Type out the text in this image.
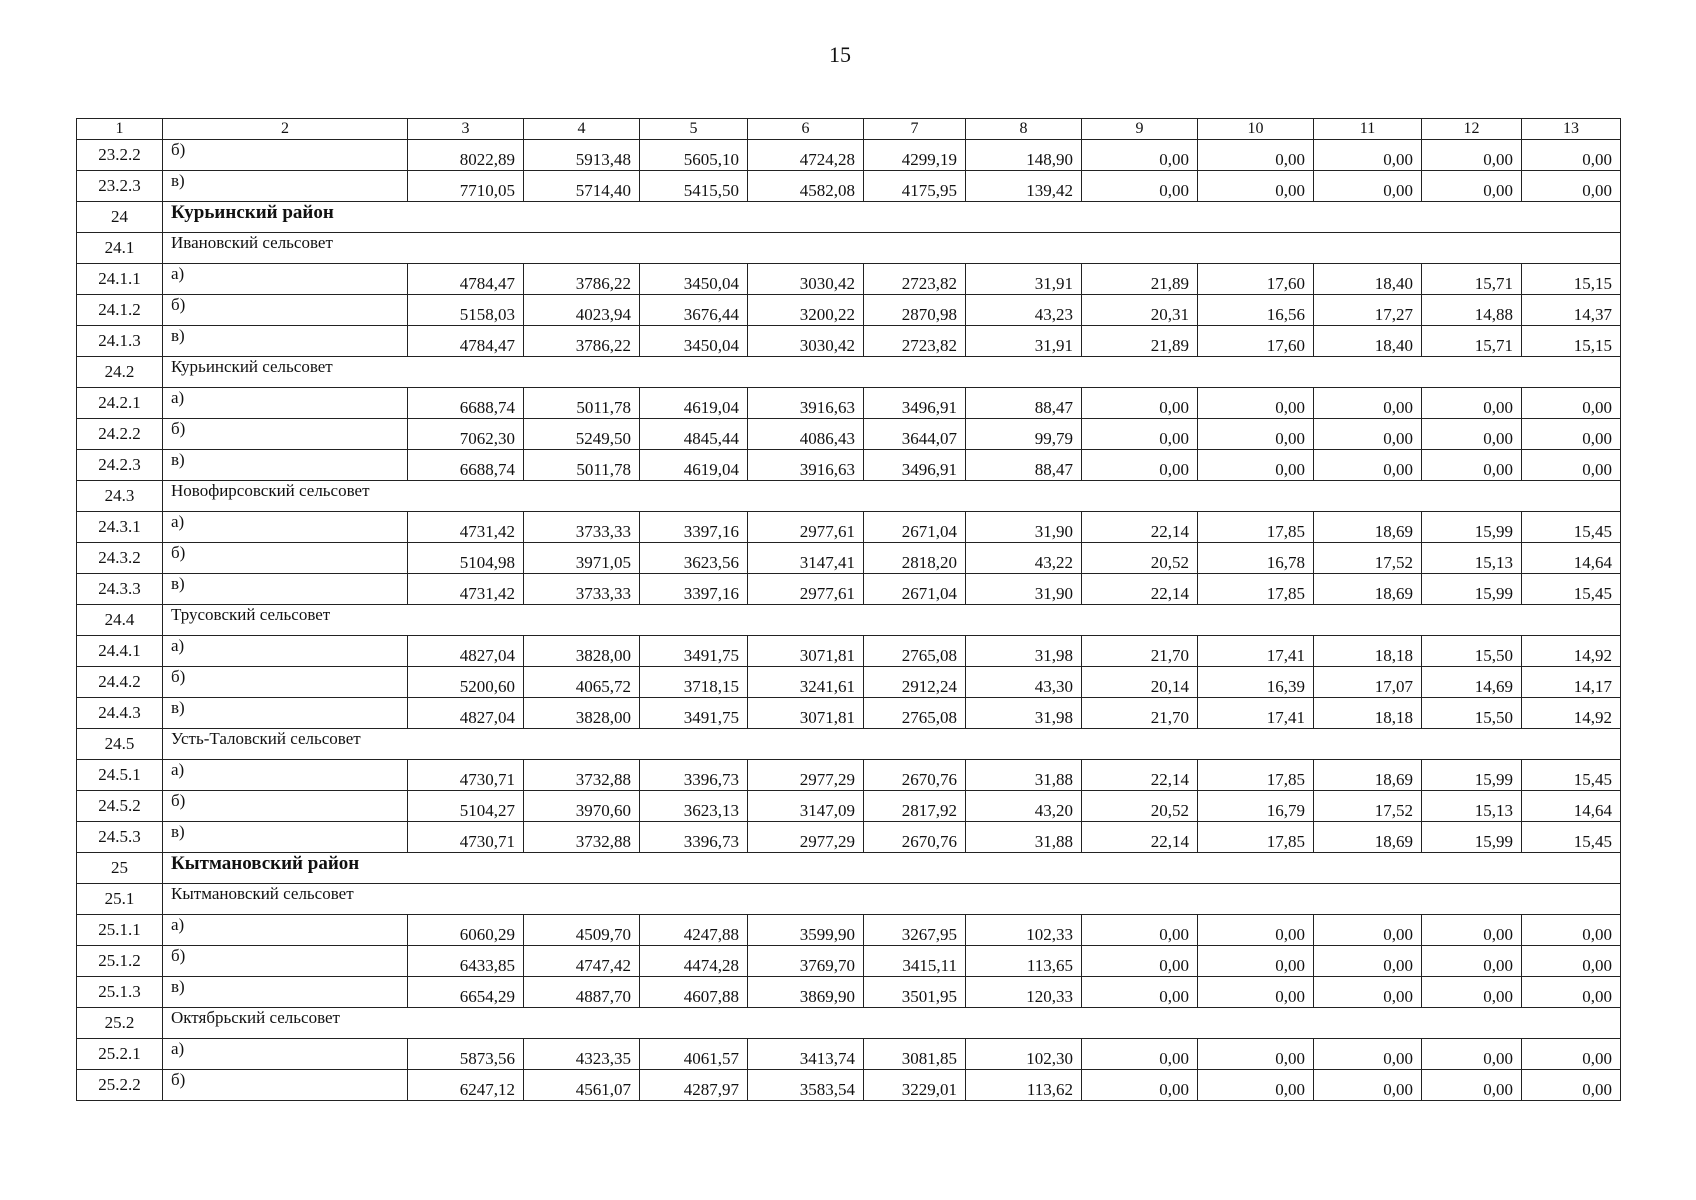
15
1	2	3	4	5	6	7	8	9	10	11	12	13
23.2.2	б)	8022,89	5913,48	5605,10	4724,28	4299,19	148,90	0,00	0,00	0,00	0,00	0,00
23.2.3	в)	7710,05	5714,40	5415,50	4582,08	4175,95	139,42	0,00	0,00	0,00	0,00	0,00
24	Курьинский район											
24.1	Ивановский сельсовет											
24.1.1	а)	4784,47	3786,22	3450,04	3030,42	2723,82	31,91	21,89	17,60	18,40	15,71	15,15
24.1.2	б)	5158,03	4023,94	3676,44	3200,22	2870,98	43,23	20,31	16,56	17,27	14,88	14,37
24.1.3	в)	4784,47	3786,22	3450,04	3030,42	2723,82	31,91	21,89	17,60	18,40	15,71	15,15
24.2	Курьинский сельсовет											
24.2.1	а)	6688,74	5011,78	4619,04	3916,63	3496,91	88,47	0,00	0,00	0,00	0,00	0,00
24.2.2	б)	7062,30	5249,50	4845,44	4086,43	3644,07	99,79	0,00	0,00	0,00	0,00	0,00
24.2.3	в)	6688,74	5011,78	4619,04	3916,63	3496,91	88,47	0,00	0,00	0,00	0,00	0,00
24.3	Новофирсовский сельсовет											
24.3.1	а)	4731,42	3733,33	3397,16	2977,61	2671,04	31,90	22,14	17,85	18,69	15,99	15,45
24.3.2	б)	5104,98	3971,05	3623,56	3147,41	2818,20	43,22	20,52	16,78	17,52	15,13	14,64
24.3.3	в)	4731,42	3733,33	3397,16	2977,61	2671,04	31,90	22,14	17,85	18,69	15,99	15,45
24.4	Трусовский сельсовет											
24.4.1	а)	4827,04	3828,00	3491,75	3071,81	2765,08	31,98	21,70	17,41	18,18	15,50	14,92
24.4.2	б)	5200,60	4065,72	3718,15	3241,61	2912,24	43,30	20,14	16,39	17,07	14,69	14,17
24.4.3	в)	4827,04	3828,00	3491,75	3071,81	2765,08	31,98	21,70	17,41	18,18	15,50	14,92
24.5	Усть-Таловский сельсовет											
24.5.1	а)	4730,71	3732,88	3396,73	2977,29	2670,76	31,88	22,14	17,85	18,69	15,99	15,45
24.5.2	б)	5104,27	3970,60	3623,13	3147,09	2817,92	43,20	20,52	16,79	17,52	15,13	14,64
24.5.3	в)	4730,71	3732,88	3396,73	2977,29	2670,76	31,88	22,14	17,85	18,69	15,99	15,45
25	Кытмановский район											
25.1	Кытмановский сельсовет											
25.1.1	а)	6060,29	4509,70	4247,88	3599,90	3267,95	102,33	0,00	0,00	0,00	0,00	0,00
25.1.2	б)	6433,85	4747,42	4474,28	3769,70	3415,11	113,65	0,00	0,00	0,00	0,00	0,00
25.1.3	в)	6654,29	4887,70	4607,88	3869,90	3501,95	120,33	0,00	0,00	0,00	0,00	0,00
25.2	Октябрьский сельсовет											
25.2.1	а)	5873,56	4323,35	4061,57	3413,74	3081,85	102,30	0,00	0,00	0,00	0,00	0,00
25.2.2	б)	6247,12	4561,07	4287,97	3583,54	3229,01	113,62	0,00	0,00	0,00	0,00	0,00
